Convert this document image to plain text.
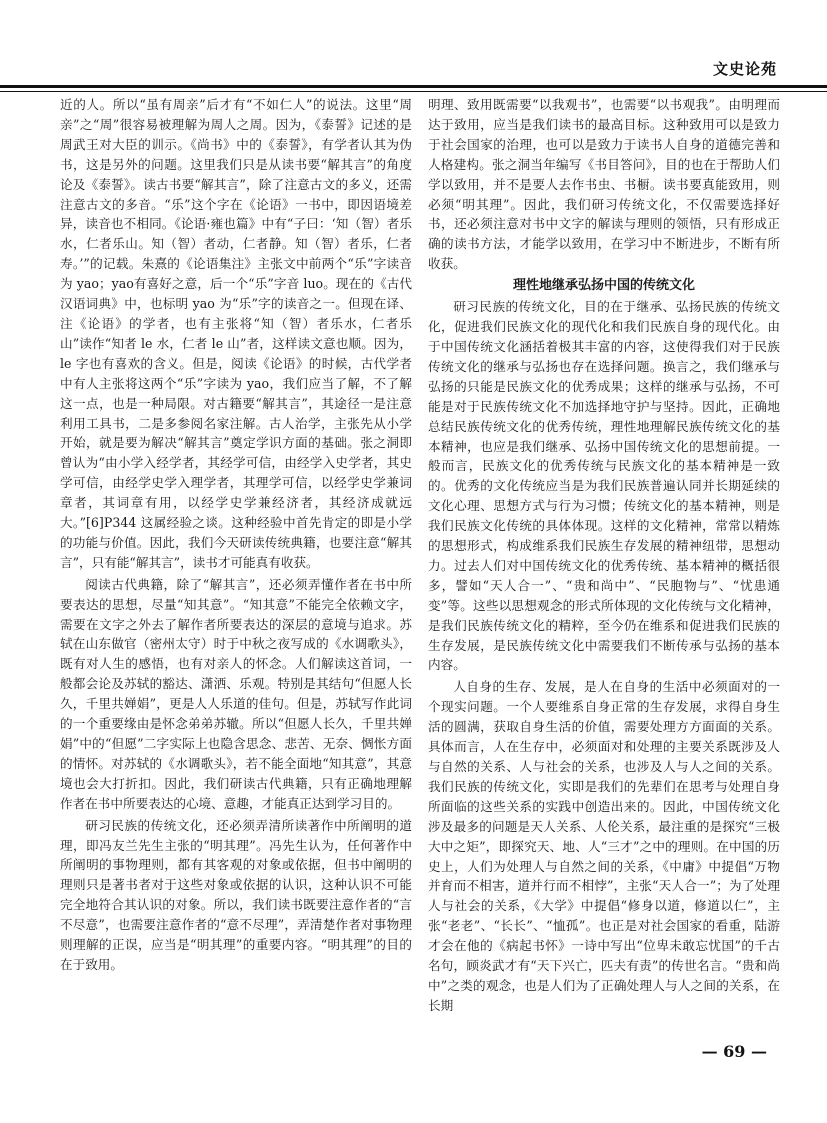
文史论苑

近的人。所以“虽有周亲”后才有“不如仁人”的说法。这里“周亲”之“周”很容易被理解为周人之周。因为，《泰誓》记述的是周武王对大臣的训示。《尚书》中的《泰誓》，有学者认其为伪书，这是另外的问题。这里我们只是从读书要“解其言”的角度论及《泰誓》。读古书要“解其言”，除了注意古文的多义，还需注意古文的多音。“乐”这个字在《论语》一书中，即因语境差异，读音也不相同。《论语·雍也篇》中有“子曰：‘知（智）者乐水，仁者乐山。知（智）者动，仁者静。知（智）者乐，仁者寿。’”的记载。朱熹的《论语集注》主张文中前两个“乐”字读音为 yao；yao有喜好之意，后一个“乐”字音 luo。现在的《古代汉语词典》中，也标明 yao 为“乐”字的读音之一。但现在译、注《论语》的学者，也有主张将“知（智）者乐水，仁者乐山”读作“知者 le 水，仁者 le 山”者，这样读文意也顺。因为，le 字也有喜欢的含义。但是，阅读《论语》的时候，古代学者中有人主张将这两个“乐”字读为 yao，我们应当了解，不了解这一点，也是一种局限。对古籍要“解其言”，其途径一是注意利用工具书，二是多参阅名家注解。古人治学，主张先从小学开始，就是要为解决“解其言”奠定学识方面的基础。张之洞即曾认为“由小学入经学者，其经学可信，由经学入史学者，其史学可信，由经学史学入理学者，其理学可信，以经学史学兼词章者，其词章有用，以经学史学兼经济者，其经济成就远大。”[6]P344 这属经验之谈。这种经验中首先肯定的即是小学的功能与价值。因此，我们今天研读传统典籍，也要注意“解其言”，只有能“解其言”，读书才可能真有收获。

阅读古代典籍，除了“解其言”，还必须弄懂作者在书中所要表达的思想，尽量“知其意”。“知其意”不能完全依赖文字，需要在文字之外去了解作者所要表达的深层的意境与追求。苏轼在山东做官（密州太守）时于中秋之夜写成的《水调歌头》，既有对人生的感悟，也有对亲人的怀念。人们解读这首词，一般都会论及苏轼的豁达、潇洒、乐观。特别是其结句“但愿人长久，千里共婵娟”，更是人人乐道的佳句。但是，苏轼写作此词的一个重要缘由是怀念弟弟苏辙。所以“但愿人长久，千里共婵娟”中的“但愿”二字实际上也隐含思念、悲苦、无奈、惆怅方面的情怀。对苏轼的《水调歌头》，若不能全面地“知其意”，其意境也会大打折扣。因此，我们研读古代典籍，只有正确地理解作者在书中所要表达的心境、意趣，才能真正达到学习目的。

研习民族的传统文化，还必须弄清所读著作中所阐明的道理，即冯友兰先生主张的“明其理”。冯先生认为，任何著作中所阐明的事物理则，都有其客观的对象或依据，但书中阐明的理则只是著书者对于这些对象或依据的认识，这种认识不可能完全地符合其认识的对象。所以，我们读书既要注意作者的“言不尽意”，也需要注意作者的“意不尽理”，弄清楚作者对事物理则理解的正误，应当是“明其理”的重要内容。“明其理”的目的在于致用。

明理、致用既需要“以我观书”，也需要“以书观我”。由明理而达于致用，应当是我们读书的最高目标。这种致用可以是致力于社会国家的治理，也可以是致力于读书人自身的道德完善和人格建构。张之洞当年编写《书目答问》，目的也在于帮助人们学以致用，并不是要人去作书虫、书橱。读书要真能致用，则必须“明其理”。因此，我们研习传统文化，不仅需要选择好书，还必须注意对书中文字的解读与理则的领悟，只有形成正确的读书方法，才能学以致用，在学习中不断进步，不断有所收获。

理性地继承弘扬中国的传统文化

研习民族的传统文化，目的在于继承、弘扬民族的传统文化，促进我们民族文化的现代化和我们民族自身的现代化。由于中国传统文化涵括着极其丰富的内容，这使得我们对于民族传统文化的继承与弘扬也存在选择问题。换言之，我们继承与弘扬的只能是民族文化的优秀成果；这样的继承与弘扬，不可能是对于民族传统文化不加选择地守护与坚持。因此，正确地总结民族传统文化的优秀传统，理性地理解民族传统文化的基本精神，也应是我们继承、弘扬中国传统文化的思想前提。一般而言，民族文化的优秀传统与民族文化的基本精神是一致的。优秀的文化传统应当是为我们民族普遍认同并长期延续的文化心理、思想方式与行为习惯；传统文化的基本精神，则是我们民族文化传统的具体体现。这样的文化精神，常常以精炼的思想形式，构成维系我们民族生存发展的精神纽带，思想动力。过去人们对中国传统文化的优秀传统、基本精神的概括很多，譬如“天人合一”、“贵和尚中”、“民胞物与”、“忧患通变”等。这些以思想观念的形式所体现的文化传统与文化精神，是我们民族传统文化的精粹，至今仍在维系和促进我们民族的生存发展，是民族传统文化中需要我们不断传承与弘扬的基本内容。

人自身的生存、发展，是人在自身的生活中必须面对的一个现实问题。一个人要维系自身正常的生存发展，求得自身生活的圆满，获取自身生活的价值，需要处理方方面面的关系。具体而言，人在生存中，必须面对和处理的主要关系既涉及人与自然的关系、人与社会的关系，也涉及人与人之间的关系。我们民族的传统文化，实即是我们的先辈们在思考与处理自身所面临的这些关系的实践中创造出来的。因此，中国传统文化涉及最多的问题是天人关系、人伦关系，最注重的是探究“三极大中之矩”，即探究天、地、人“三才”之中的理则。在中国的历史上，人们为处理人与自然之间的关系，《中庸》中提倡“万物并育而不相害，道并行而不相悖”，主张“天人合一”；为了处理人与社会的关系，《大学》中提倡“修身以道，修道以仁”，主张“老老”、“长长”、“恤孤”。也正是对社会国家的看重，陆游才会在他的《病起书怀》一诗中写出“位卑未敢忘忧国”的千古名句，顾炎武才有“天下兴亡，匹夫有责”的传世名言。“贵和尚中”之类的观念，也是人们为了正确处理人与人之间的关系，在长期

— 69 —
